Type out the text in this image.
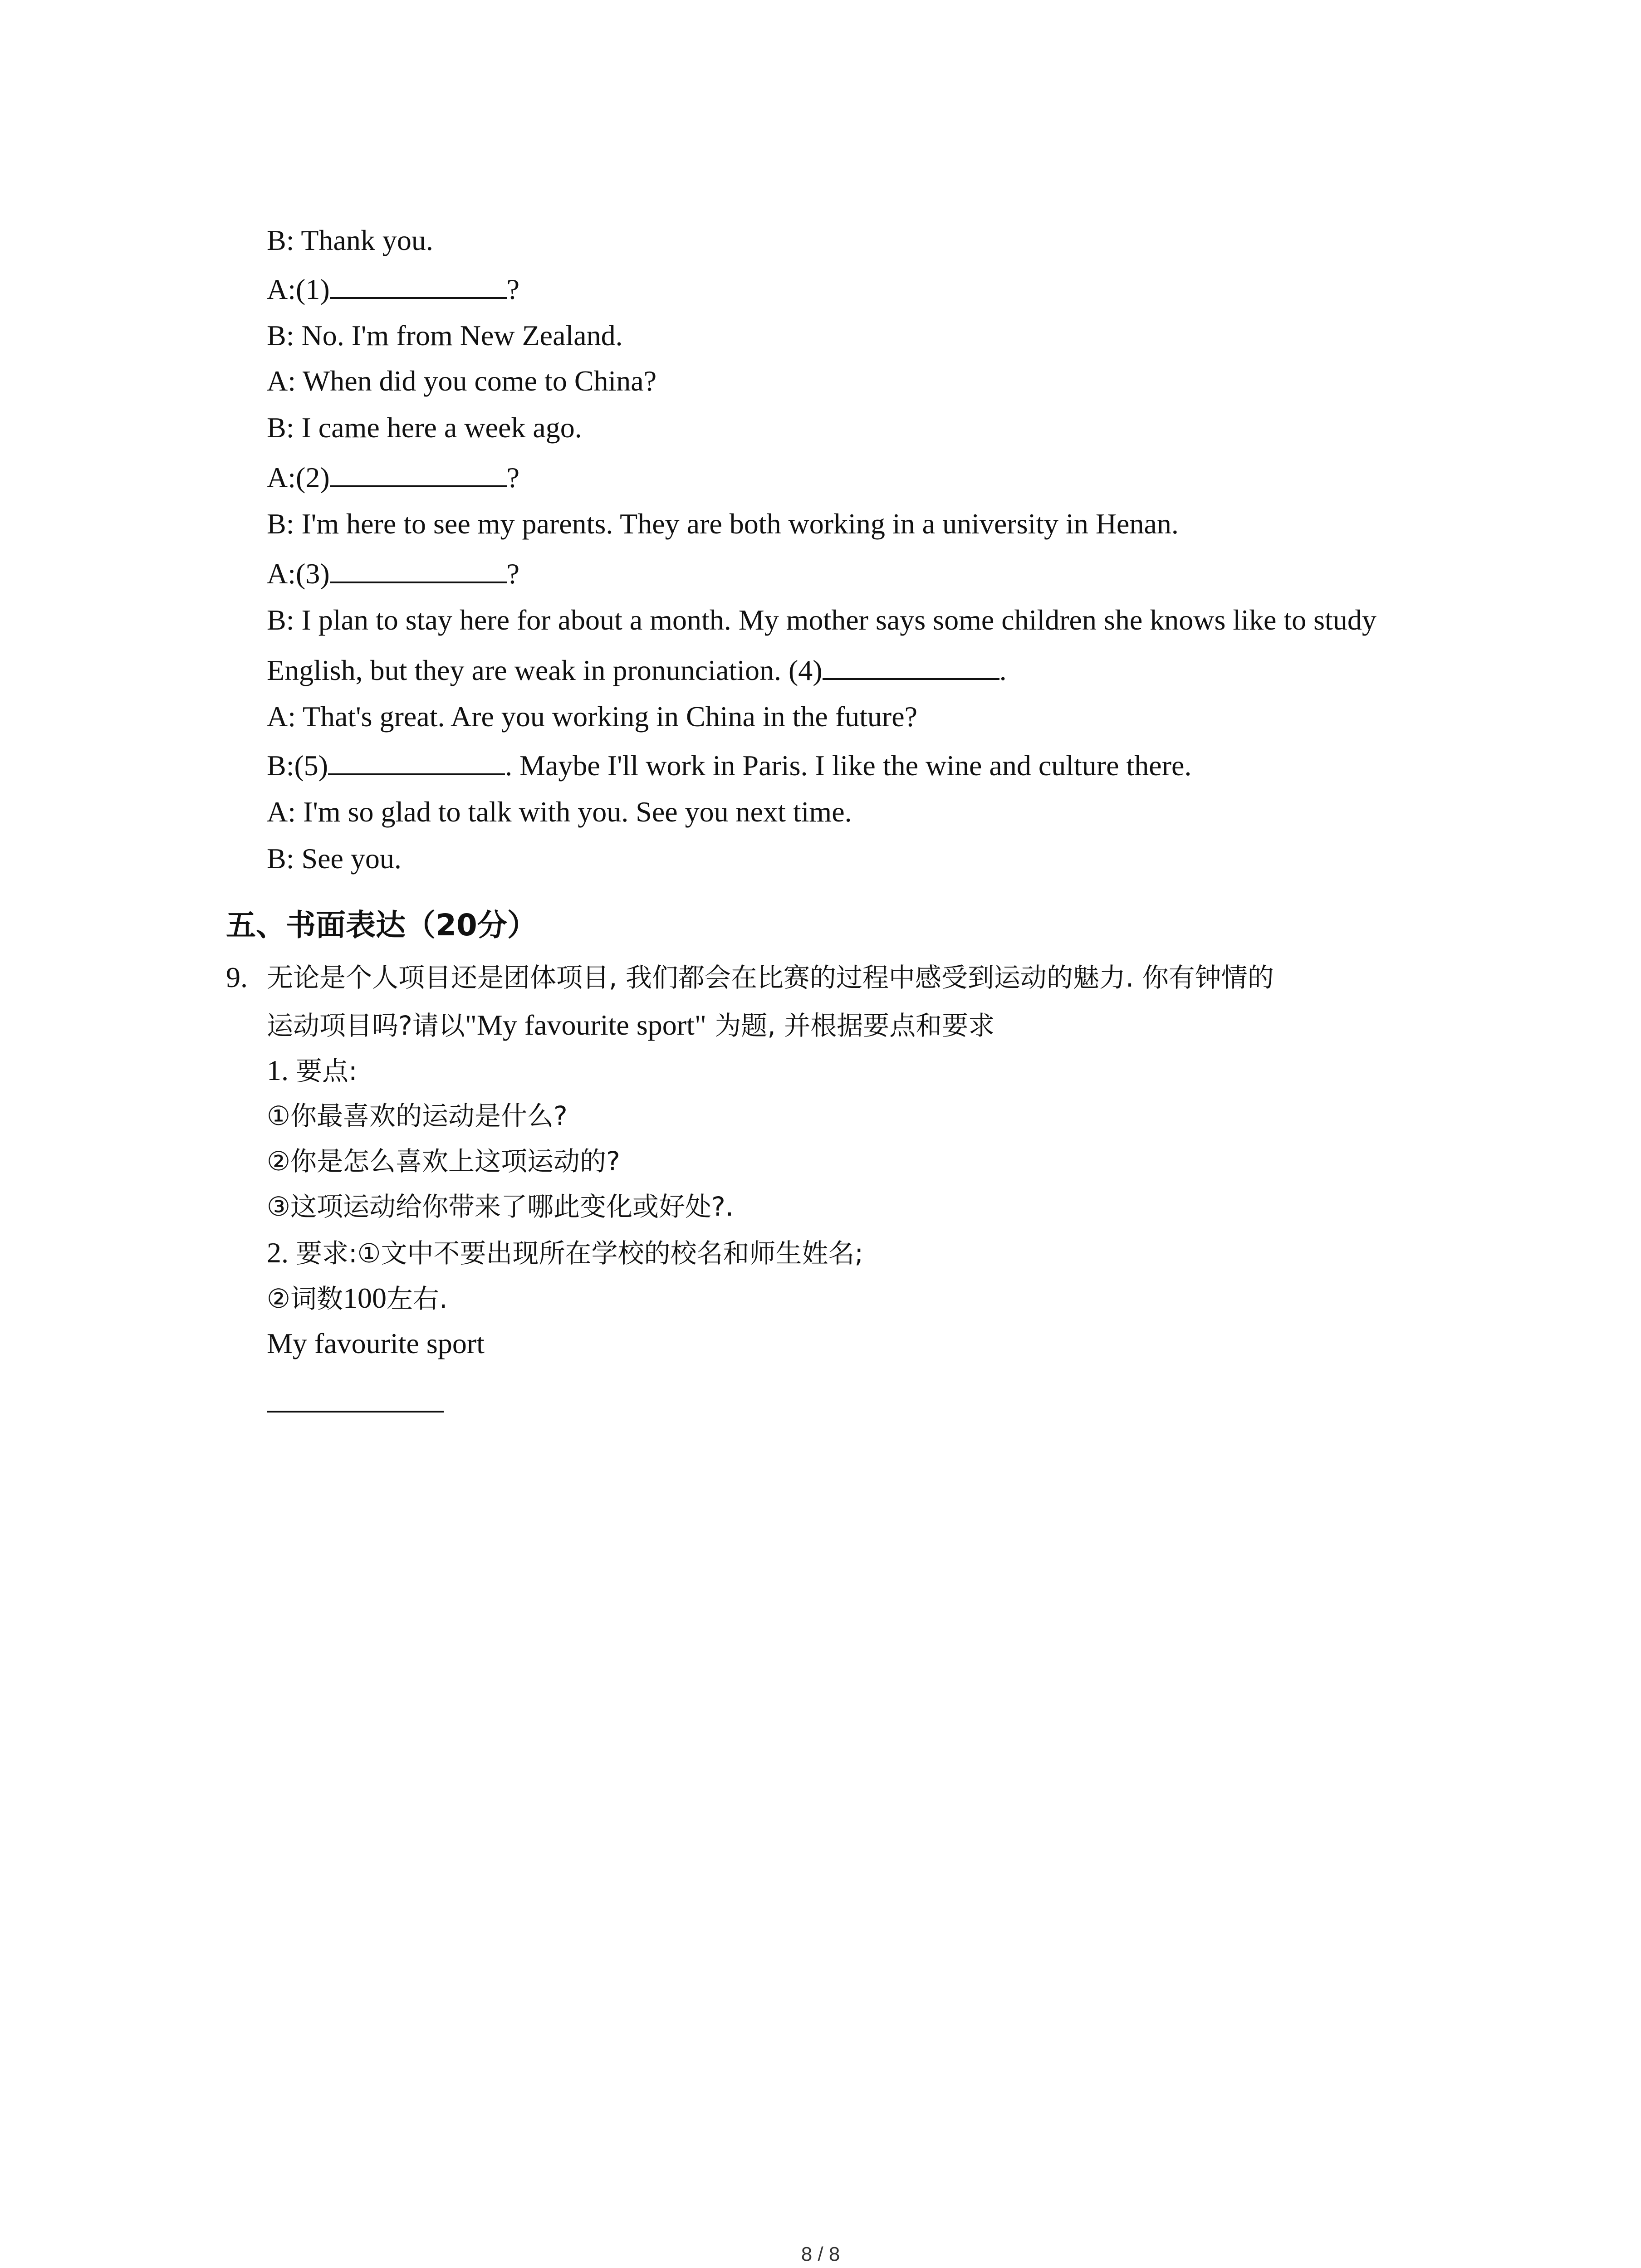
B: Thank you.
A:(1)	?
B: No. I'm from New Zealand.
A: When did you come to China?
B: I came here a week ago.
A:(2)	?
B: I'm here to see my parents. They are both working in a university in Henan.
A:(3)	?
B: I plan to stay here for about a month. My mother says some children she knows like to study
English, but they are weak in pronunciation. (4)	.
A: That's great. Are you working in China in the future?
B:(5)	. Maybe I'll work in Paris. I like the wine and culture there.
A: I'm so glad to talk with you. See you next time.
B: See you.
五、书面表达（20分）
9. 无论是个人项目还是团体项目, 我们都会在比赛的过程中感受到运动的魅力. 你有钟情的
运动项目吗?请以"My favourite sport" 为题, 并根据要点和要求
1. 要点:
①你最喜欢的运动是什么?
②你是怎么喜欢上这项运动的?
③这项运动给你带来了哪此变化或好处?.
2. 要求:①文中不要出现所在学校的校名和师生姓名;
②词数100左右.
My favourite sport
8 / 8
